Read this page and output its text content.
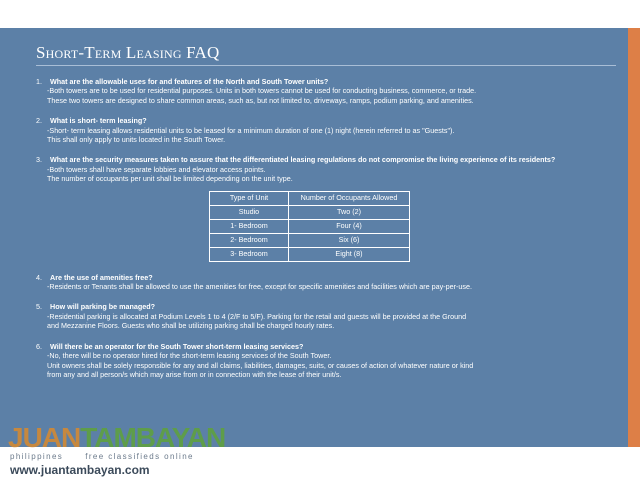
Short-Term Leasing FAQ
1. What are the allowable uses for and features of the North and South Tower units?
-Both towers are to be used for residential purposes. Units in both towers cannot be used for conducting business, commerce, or trade.
These two towers are designed to share common areas, such as, but not limited to, driveways, ramps, podium parking, and amenities.
2. What is short- term leasing?
-Short- term leasing allows residential units to be leased for a minimum duration of one (1) night (herein referred to as "Guests").
This shall only apply to units located in the South Tower.
3. What are the security measures taken to assure that the differentiated leasing regulations do not compromise the living experience of its residents?
-Both towers shall have separate lobbies and elevator access points.
The number of occupants per unit shall be limited depending on the unit type.
Type of Unit	Number of Occupants Allowed
Studio	Two (2)
1- Bedroom	Four (4)
2- Bedroom	Six (6)
3- Bedroom	Eight (8)
4. Are the use of amenities free?
-Residents or Tenants shall be allowed to use the amenities for free, except for specific amenities and facilities which are pay-per-use.
5. How will parking be managed?
-Residential parking is allocated at Podium Levels 1 to 4 (2/F to 5/F). Parking for the retail and guests will be provided at the Ground
and Mezzanine Floors. Guests who shall be utilizing parking shall be charged hourly rates.
6. Will there be an operator for the South Tower short-term leasing services?
-No, there will be no operator hired for the short-term leasing services of the South Tower.
Unit owners shall be solely responsible for any and all claims, liabilities, damages, suits, or causes of action of whatever nature or kind
from any and all person/s which may arise from or in connection with the lease of their unit/s.
JUANTAMBAYAN
philippines	free classifieds online
www.juantambayan.com
